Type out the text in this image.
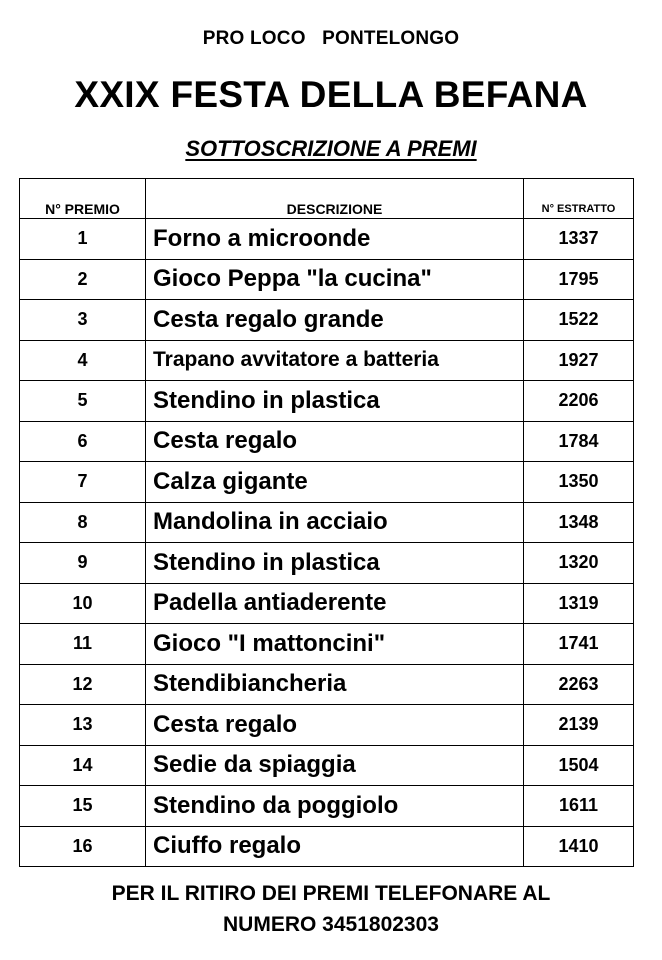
PRO LOCO   PONTELONGO
XXIX FESTA DELLA BEFANA
SOTTOSCRIZIONE A PREMI
N° PREMIO	DESCRIZIONE	N° ESTRATTO
1	Forno a microonde	1337
2	Gioco Peppa "la cucina"	1795
3	Cesta regalo grande	1522
4	Trapano avvitatore a batteria	1927
5	Stendino in plastica	2206
6	Cesta regalo	1784
7	Calza gigante	1350
8	Mandolina in acciaio	1348
9	Stendino in plastica	1320
10	Padella antiaderente	1319
11	Gioco "I mattoncini"	1741
12	Stendibiancheria	2263
13	Cesta regalo	2139
14	Sedie da spiaggia	1504
15	Stendino da poggiolo	1611
16	Ciuffo regalo	1410
PER IL RITIRO DEI PREMI TELEFONARE AL
NUMERO 3451802303
